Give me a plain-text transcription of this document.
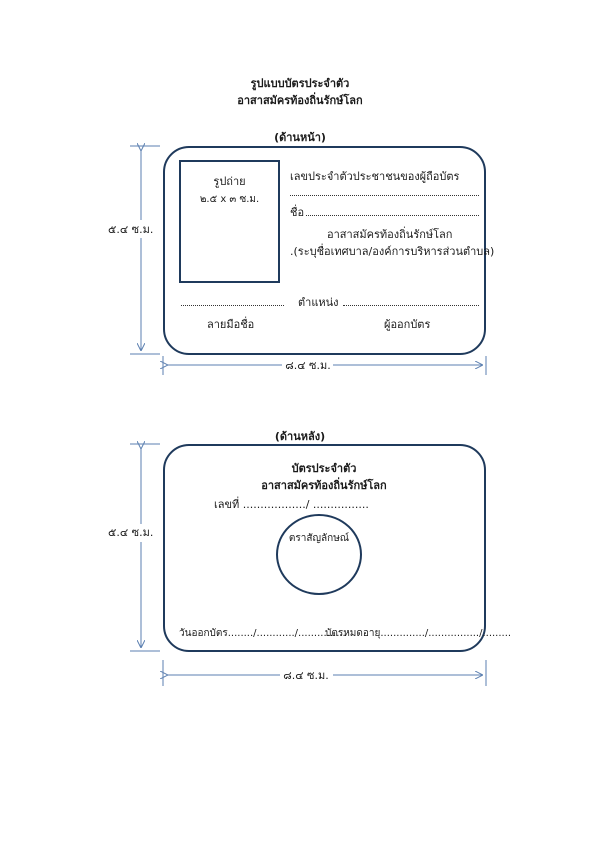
รูปแบบบัตรประจำตัว
อาสาสมัครท้องถิ่นรักษ์โลก
(ด้านหน้า)
๕.๔ ซ.ม.
๘.๔ ซ.ม.
รูปถ่าย
๒.๕ x ๓ ซ.ม.
เลขประจำตัวประชาชนของผู้ถือบัตร
ชื่อ
อาสาสมัครท้องถิ่นรักษ์โลก
.(ระบุชื่อเทศบาล/องค์การบริหารส่วนตำบล)
ตำแหน่ง
ลายมือชื่อ	ผู้ออกบัตร
(ด้านหลัง)
๕.๔ ซ.ม.
๘.๔ ซ.ม.
บัตรประจำตัว
อาสาสมัครท้องถิ่นรักษ์โลก
เลขที่ ................../ ................
ตราสัญลักษณ์
วันออกบัตร......../............/...............
บัตรหมดอายุ............../................/.........
